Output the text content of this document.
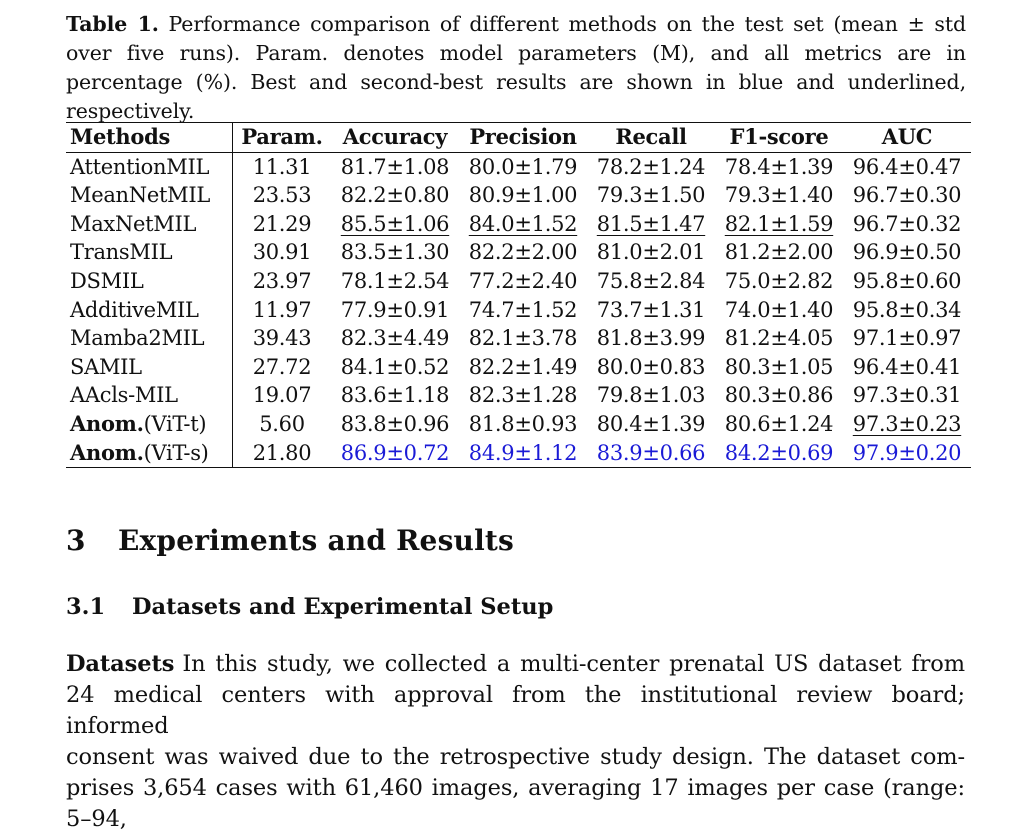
Table 1. Performance comparison of different methods on the test set (mean ± std over five runs). Param. denotes model parameters (M), and all metrics are in percentage (%). Best and second-best results are shown in blue and underlined, respectively.
Methods	Param.	Accuracy	Precision	Recall	F1-score	AUC
AttentionMIL	11.31	81.7±1.08	80.0±1.79	78.2±1.24	78.4±1.39	96.4±0.47
MeanNetMIL	23.53	82.2±0.80	80.9±1.00	79.3±1.50	79.3±1.40	96.7±0.30
MaxNetMIL	21.29	85.5±1.06	84.0±1.52	81.5±1.47	82.1±1.59	96.7±0.32
TransMIL	30.91	83.5±1.30	82.2±2.00	81.0±2.01	81.2±2.00	96.9±0.50
DSMIL	23.97	78.1±2.54	77.2±2.40	75.8±2.84	75.0±2.82	95.8±0.60
AdditiveMIL	11.97	77.9±0.91	74.7±1.52	73.7±1.31	74.0±1.40	95.8±0.34
Mamba2MIL	39.43	82.3±4.49	82.1±3.78	81.8±3.99	81.2±4.05	97.1±0.97
SAMIL	27.72	84.1±0.52	82.2±1.49	80.0±0.83	80.3±1.05	96.4±0.41
AAcls-MIL	19.07	83.6±1.18	82.3±1.28	79.8±1.03	80.3±0.86	97.3±0.31
Anom.(ViT-t)	5.60	83.8±0.96	81.8±0.93	80.4±1.39	80.6±1.24	97.3±0.23
Anom.(ViT-s)	21.80	86.9±0.72	84.9±1.12	83.9±0.66	84.2±0.69	97.9±0.20
3 Experiments and Results
3.1 Datasets and Experimental Setup
Datasets In this study, we collected a multi-center prenatal US dataset from
24 medical centers with approval from the institutional review board; informed
consent was waived due to the retrospective study design. The dataset com-
prises 3,654 cases with 61,460 images, averaging 17 images per case (range: 5–94,
